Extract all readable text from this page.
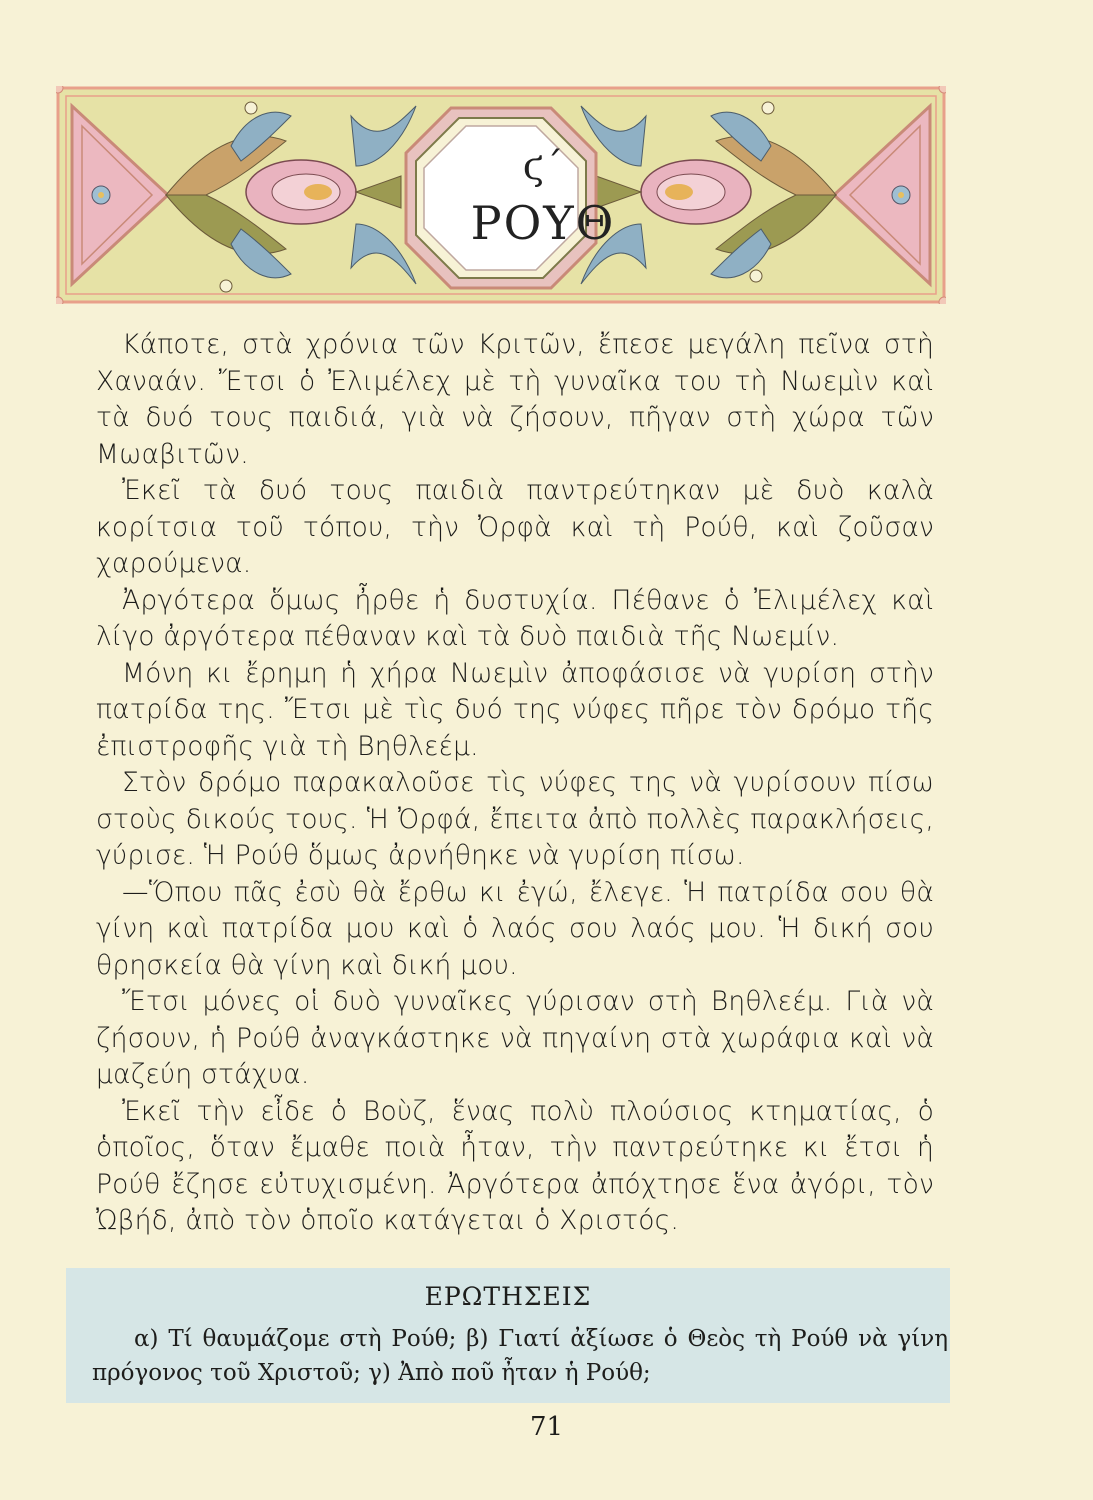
ϛ΄
ΡΟΥΘ

Κάποτε, στὰ χρόνια τῶν Κριτῶν, ἔπεσε μεγάλη πεῖνα στὴ Χαναάν. Ἔτσι ὁ Ἐλιμέλεχ μὲ τὴ γυναῖκα του τὴ Νωεμὶν καὶ τὰ δυό τους παιδιά, γιὰ νὰ ζήσουν, πῆγαν στὴ χώρα τῶν Μωαβιτῶν.

Ἐκεῖ τὰ δυό τους παιδιὰ παντρεύτηκαν μὲ δυὸ καλὰ κορίτσια τοῦ τόπου, τὴν Ὀρφὰ καὶ τὴ Ρούθ, καὶ ζοῦσαν χαρούμενα.

Ἀργότερα ὅμως ἦρθε ἡ δυστυχία. Πέθανε ὁ Ἐλιμέλεχ καὶ λίγο ἀργότερα πέθαναν καὶ τὰ δυὸ παιδιὰ τῆς Νωεμίν.

Μόνη κι ἔρημη ἡ χήρα Νωεμὶν ἀποφάσισε νὰ γυρίση στὴν πατρίδα της. Ἔτσι μὲ τὶς δυό της νύφες πῆρε τὸν δρόμο τῆς ἐπιστροφῆς γιὰ τὴ Βηθλεέμ.

Στὸν δρόμο παρακαλοῦσε τὶς νύφες της νὰ γυρίσουν πίσω στοὺς δικούς τους. Ἡ Ὀρφά, ἔπειτα ἀπὸ πολλὲς παρακλήσεις, γύρισε. Ἡ Ρούθ ὅμως ἀρνήθηκε νὰ γυρίση πίσω.

—Ὅπου πᾶς ἐσὺ θὰ ἔρθω κι ἐγώ, ἔλεγε. Ἡ πατρίδα σου θὰ γίνη καὶ πατρίδα μου καὶ ὁ λαός σου λαός μου. Ἡ δική σου θρησκεία θὰ γίνη καὶ δική μου.

Ἔτσι μόνες οἱ δυὸ γυναῖκες γύρισαν στὴ Βηθλεέμ. Γιὰ νὰ ζήσουν, ἡ Ρούθ ἀναγκάστηκε νὰ πηγαίνη στὰ χωράφια καὶ νὰ μαζεύη στάχυα.

Ἐκεῖ τὴν εἶδε ὁ Βοὺζ, ἕνας πολὺ πλούσιος κτηματίας, ὁ ὁποῖος, ὅταν ἔμαθε ποιὰ ἦταν, τὴν παντρεύτηκε κι ἔτσι ἡ Ρούθ ἔζησε εὐτυχισμένη. Ἀργότερα ἀπόχτησε ἕνα ἀγόρι, τὸν Ὠβήδ, ἀπὸ τὸν ὁποῖο κατάγεται ὁ Χριστός.

ΕΡΩΤΗΣΕΙΣ
α) Τί θαυμάζομε στὴ Ρούθ; β) Γιατί ἀξίωσε ὁ Θεὸς τὴ Ρούθ νὰ γίνη πρόγονος τοῦ Χριστοῦ; γ) Ἀπὸ ποῦ ἦταν ἡ Ρούθ;
71
